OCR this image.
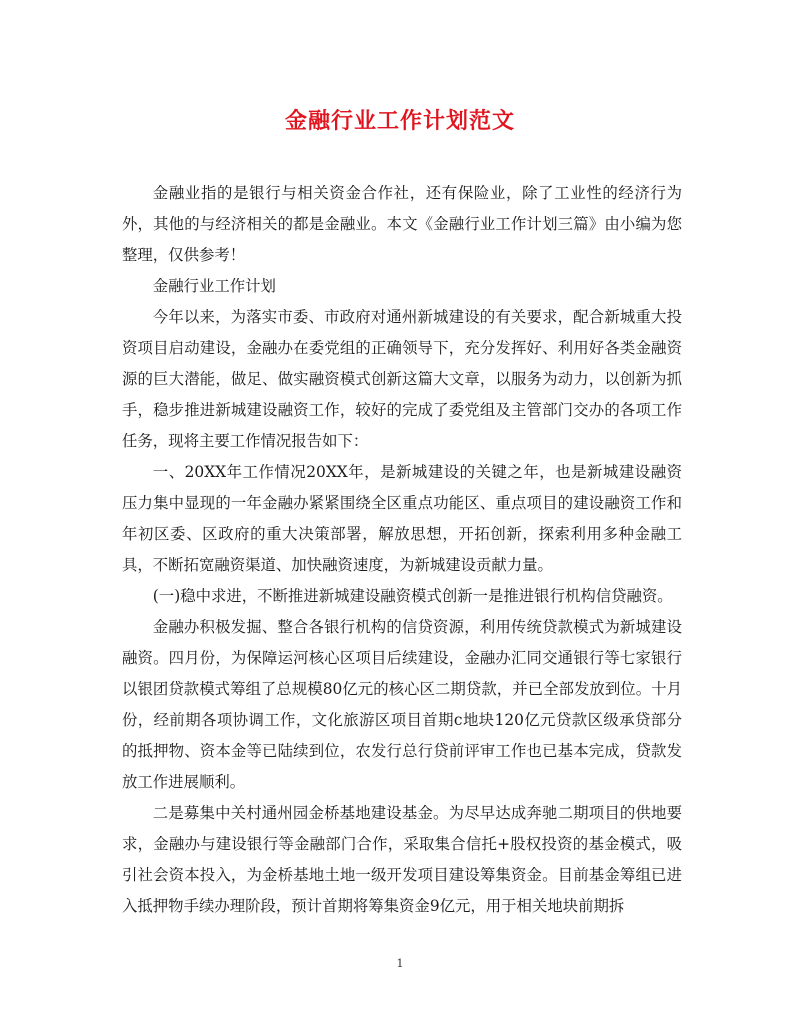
金融行业工作计划范文

金融业指的是银行与相关资金合作社，还有保险业，除了工业性的经济行为外，其他的与经济相关的都是金融业。本文《金融行业工作计划三篇》由小编为您整理，仅供参考！

金融行业工作计划

今年以来，为落实市委、市政府对通州新城建设的有关要求，配合新城重大投资项目启动建设，金融办在委党组的正确领导下，充分发挥好、利用好各类金融资源的巨大潜能，做足、做实融资模式创新这篇大文章，以服务为动力，以创新为抓手，稳步推进新城建设融资工作，较好的完成了委党组及主管部门交办的各项工作任务，现将主要工作情况报告如下：

一、20XX年工作情况20XX年，是新城建设的关键之年，也是新城建设融资压力集中显现的一年金融办紧紧围绕全区重点功能区、重点项目的建设融资工作和年初区委、区政府的重大决策部署，解放思想，开拓创新，探索利用多种金融工具，不断拓宽融资渠道、加快融资速度，为新城建设贡献力量。

(一)稳中求进，不断推进新城建设融资模式创新一是推进银行机构信贷融资。

金融办积极发掘、整合各银行机构的信贷资源，利用传统贷款模式为新城建设融资。四月份，为保障运河核心区项目后续建设，金融办汇同交通银行等七家银行以银团贷款模式筹组了总规模80亿元的核心区二期贷款，并已全部发放到位。十月份，经前期各项协调工作，文化旅游区项目首期c地块120亿元贷款区级承贷部分的抵押物、资本金等已陆续到位，农发行总行贷前评审工作也已基本完成，贷款发放工作进展顺利。

二是募集中关村通州园金桥基地建设基金。为尽早达成奔驰二期项目的供地要求，金融办与建设银行等金融部门合作，采取集合信托+股权投资的基金模式，吸引社会资本投入，为金桥基地土地一级开发项目建设筹集资金。目前基金筹组已进入抵押物手续办理阶段，预计首期将筹集资金9亿元，用于相关地块前期拆

1
